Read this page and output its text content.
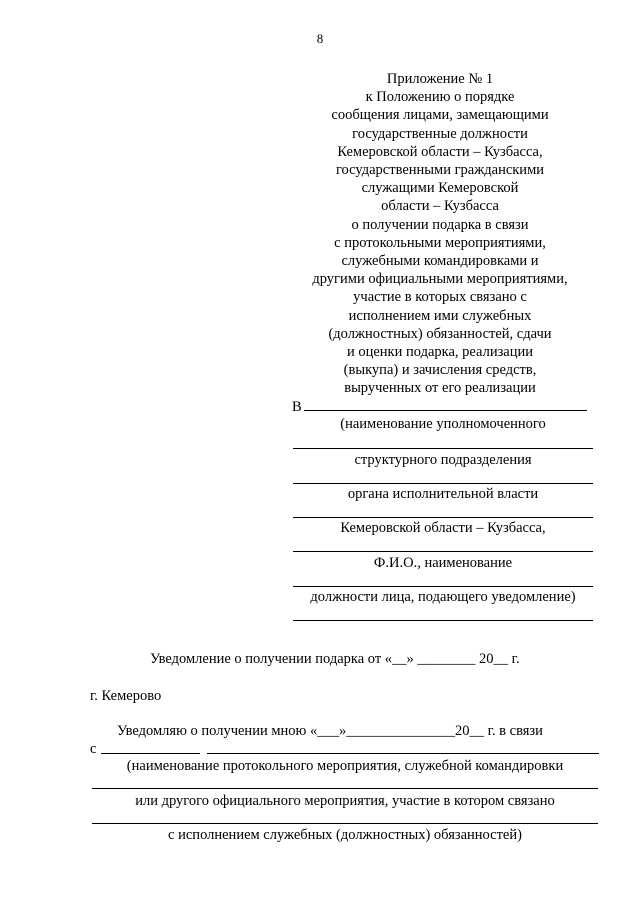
8
Приложение № 1
к Положению о порядке
сообщения лицами, замещающими
государственные должности
Кемеровской области – Кузбасса,
государственными гражданскими
служащими Кемеровской
области – Кузбасса
о получении подарка в связи
с протокольными мероприятиями,
служебными командировками и
другими официальными мероприятиями,
участие в которых связано с
исполнением ими служебных
(должностных) обязанностей, сдачи
и оценки подарка, реализации
(выкупа) и зачисления средств,
вырученных от его реализации
В
(наименование уполномоченного
структурного подразделения
органа исполнительной власти
Кемеровской области – Кузбасса,
Ф.И.О., наименование
должности лица, подающего уведомление)
Уведомление о получении подарка от «__» ________ 20__ г.
г. Кемерово
Уведомляю о получении мною «___»_______________20__ г. в связи
с
(наименование протокольного мероприятия, служебной командировки
или другого официального мероприятия, участие в котором связано
с исполнением служебных (должностных) обязанностей)
